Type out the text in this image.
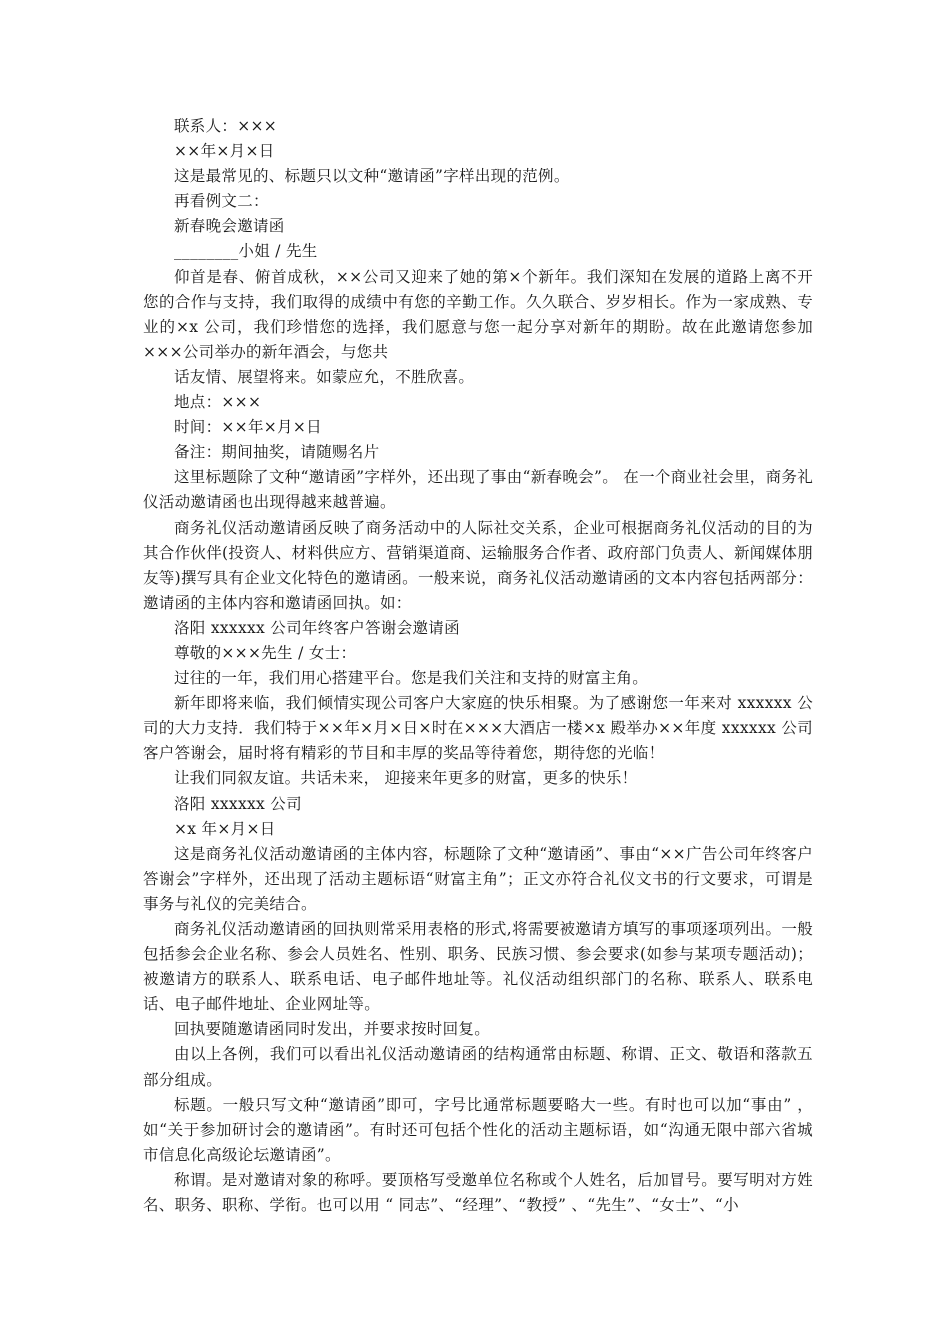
联系人：×××

××年×月×日

这是最常见的、标题只以文种“邀请函”字样出现的范例。

再看例文二：

新春晚会邀请函

________小姐 / 先生

仰首是春、俯首成秋，××公司又迎来了她的第×个新年。我们深知在发展的道路上离不开您的合作与支持，我们取得的成绩中有您的辛勤工作。久久联合、岁岁相长。作为一家成熟、专业的×x 公司，我们珍惜您的选择，我们愿意与您一起分享对新年的期盼。故在此邀请您参加×××公司举办的新年酒会，与您共

话友情、展望将来。如蒙应允，不胜欣喜。

地点：×××

时间：××年×月×日

备注：期间抽奖，请随赐名片

这里标题除了文种“邀请函”字样外，还出现了事由“新春晚会”。 在一个商业社会里，商务礼仪活动邀请函也出现得越来越普遍。

商务礼仪活动邀请函反映了商务活动中的人际社交关系，企业可根据商务礼仪活动的目的为其合作伙伴(投资人、材料供应方、营销渠道商、运输服务合作者、政府部门负责人、新闻媒体朋友等)撰写具有企业文化特色的邀请函。一般来说，商务礼仪活动邀请函的文本内容包括两部分：邀请函的主体内容和邀请函回执。如：

洛阳 xxxxxx 公司年终客户答谢会邀请函

尊敬的×××先生 / 女士：

过往的一年，我们用心搭建平台。您是我们关注和支持的财富主角。

新年即将来临，我们倾情实现公司客户大家庭的快乐相聚。为了感谢您一年来对 xxxxxx 公司的大力支持．我们特于××年×月×日×时在×××大酒店一楼×x 殿举办××年度 xxxxxx 公司客户答谢会，届时将有精彩的节目和丰厚的奖品等待着您，期待您的光临！

让我们同叙友谊。共话未来， 迎接来年更多的财富，更多的快乐！

洛阳 xxxxxx 公司

×x 年×月×日

这是商务礼仪活动邀请函的主体内容，标题除了文种“邀请函”、事由“××广告公司年终客户答谢会”字样外，还出现了活动主题标语“财富主角”；正文亦符合礼仪文书的行文要求，可谓是事务与礼仪的完美结合。

商务礼仪活动邀请函的回执则常采用表格的形式,将需要被邀请方填写的事项逐项列出。一般包括参会企业名称、参会人员姓名、性别、职务、民族习惯、参会要求(如参与某项专题活动)；被邀请方的联系人、联系电话、电子邮件地址等。礼仪活动组织部门的名称、联系人、联系电话、电子邮件地址、企业网址等。

回执要随邀请函同时发出，并要求按时回复。

由以上各例，我们可以看出礼仪活动邀请函的结构通常由标题、称谓、正文、敬语和落款五部分组成。

标题。一般只写文种“邀请函”即可，字号比通常标题要略大一些。有时也可以加“事由” ，如“关于参加研讨会的邀请函”。有时还可包括个性化的活动主题标语，如“沟通无限中部六省城市信息化高级论坛邀请函”。

称谓。是对邀请对象的称呼。要顶格写受邀单位名称或个人姓名，后加冒号。要写明对方姓名、职务、职称、学衔。也可以用 “ 同志”、“经理”、“教授” 、“先生”、“女士”、“小
